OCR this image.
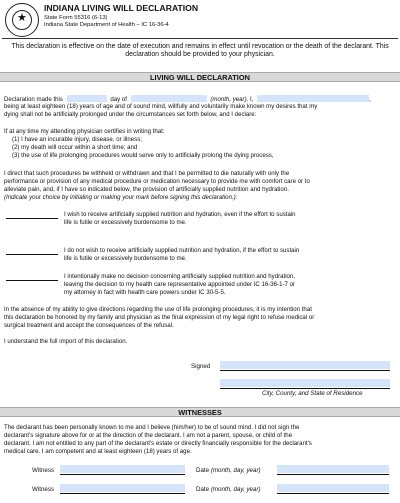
★
INDIANA LIVING WILL DECLARATION
State Form 55316 (6-13)
Indiana State Department of Health – IC 16-36-4
This declaration is effective on the date of execution and remains in effect until revocation or the death of the declarant. This declaration should be provided to your physician.
LIVING WILL DECLARATION
Declaration made this	day of	(month, year). I,	,
being at least eighteen (18) years of age and of sound mind, willfully and voluntarily make known my desires that my
dying shall not be artificially prolonged under the circumstances set forth below, and I declare:
If at any time my attending physician certifies in writing that:
(1) I have an incurable injury, disease, or illness;
(2) my death will occur within a short time; and
(3) the use of life prolonging procedures would serve only to artificially prolong the dying process,
I direct that such procedures be withheld or withdrawn and that I be permitted to die naturally with only the
performance or provision of any medical procedure or medication necessary to provide me with comfort care or to
alleviate pain, and, if I have so indicated below, the provision of artificially supplied nutrition and hydration.
(Indicate your choice by initialing or making your mark before signing this declaration.):
I wish to receive artificially supplied nutrition and hydration, even if the effort to sustain
life is futile or excessively burdensome to me.
I do not wish to receive artificially supplied nutrition and hydration, if the effort to sustain
life is futile or excessively burdensome to me.
I intentionally make no decision concerning artificially supplied nutrition and hydration,
leaving the decision to my health care representative appointed under IC 16-36-1-7 or
my attorney in fact with health care powers under IC 30-5-5.
In the absence of my ability to give directions regarding the use of life prolonging procedures, it is my intention that
this declaration be honored by my family and physician as the final expression of my legal right to refuse medical or
surgical treatment and accept the consequences of the refusal.
I understand the full import of this declaration.
Signed
City, County, and State of Residence
WITNESSES
The declarant has been personally known to me and I believe (him/her) to be of sound mind. I did not sign the
declarant's signature above for or at the direction of the declarant. I am not a parent, spouse, or child of the
declarant. I am not entitled to any part of the declarant's estate or directly financially responsible for the declarant's
medical care. I am competent and at least eighteen (18) years of age.
Witness	Date (month, day, year)
Witness	Date (month, day, year)
